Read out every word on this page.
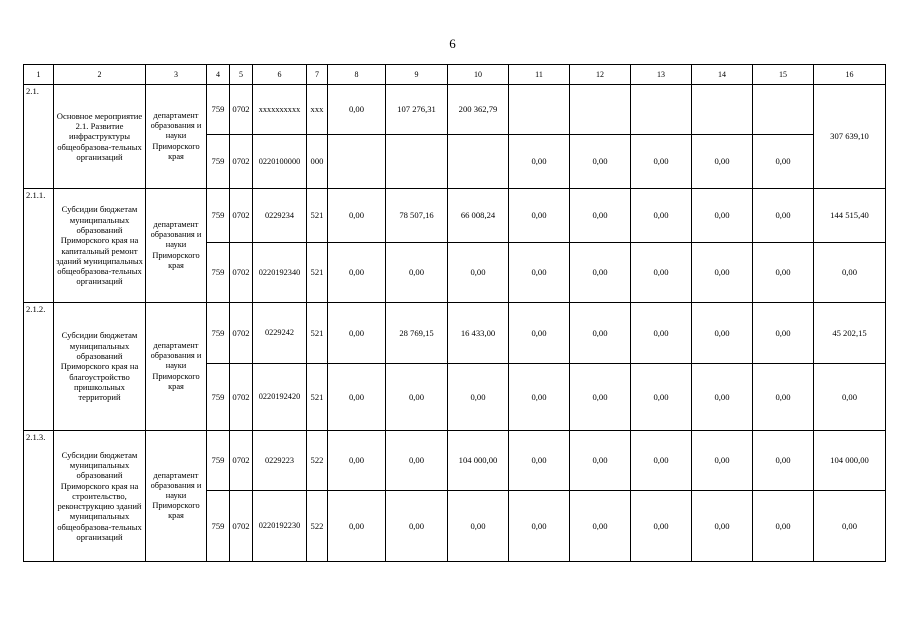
6
1	2	3	4	5	6	7	8	9	10	11	12	13	14	15	16
2.1.	Основное мероприятие 2.1. Развитие инфраструктуры общеобразова-тельных организаций	департамент образования и науки Приморского края	759	0702	xxxxxxxxxx	xxx	0,00	107 276,31	200 362,79						307 639,10
			759	0702	0220100000	000				0,00	0,00	0,00	0,00	0,00	
2.1.1.	Субсидии бюджетам муниципальных образований Приморского края на капитальный ремонт зданий муниципальных общеобразова-тельных организаций	департамент образования и науки Приморского края	759	0702	0229234	521	0,00	78 507,16	66 008,24	0,00	0,00	0,00	0,00	0,00	144 515,40
			759	0702	0220192340	521	0,00	0,00	0,00	0,00	0,00	0,00	0,00	0,00	0,00
2.1.2.	Субсидии бюджетам муниципальных образований Приморского края на благоустройство пришкольных территорий	департамент образования и науки Приморского края	759	0702	0229242	521	0,00	28 769,15	16 433,00	0,00	0,00	0,00	0,00	0,00	45 202,15
			759	0702	0220192420	521	0,00	0,00	0,00	0,00	0,00	0,00	0,00	0,00	0,00
2.1.3.	Субсидии бюджетам муниципальных образований Приморского края на строительство, реконструкцию зданий муниципальных общеобразова-тельных организаций	департамент образования и науки Приморского края	759	0702	0229223	522	0,00	0,00	104 000,00	0,00	0,00	0,00	0,00	0,00	104 000,00
			759	0702	0220192230	522	0,00	0,00	0,00	0,00	0,00	0,00	0,00	0,00	0,00
